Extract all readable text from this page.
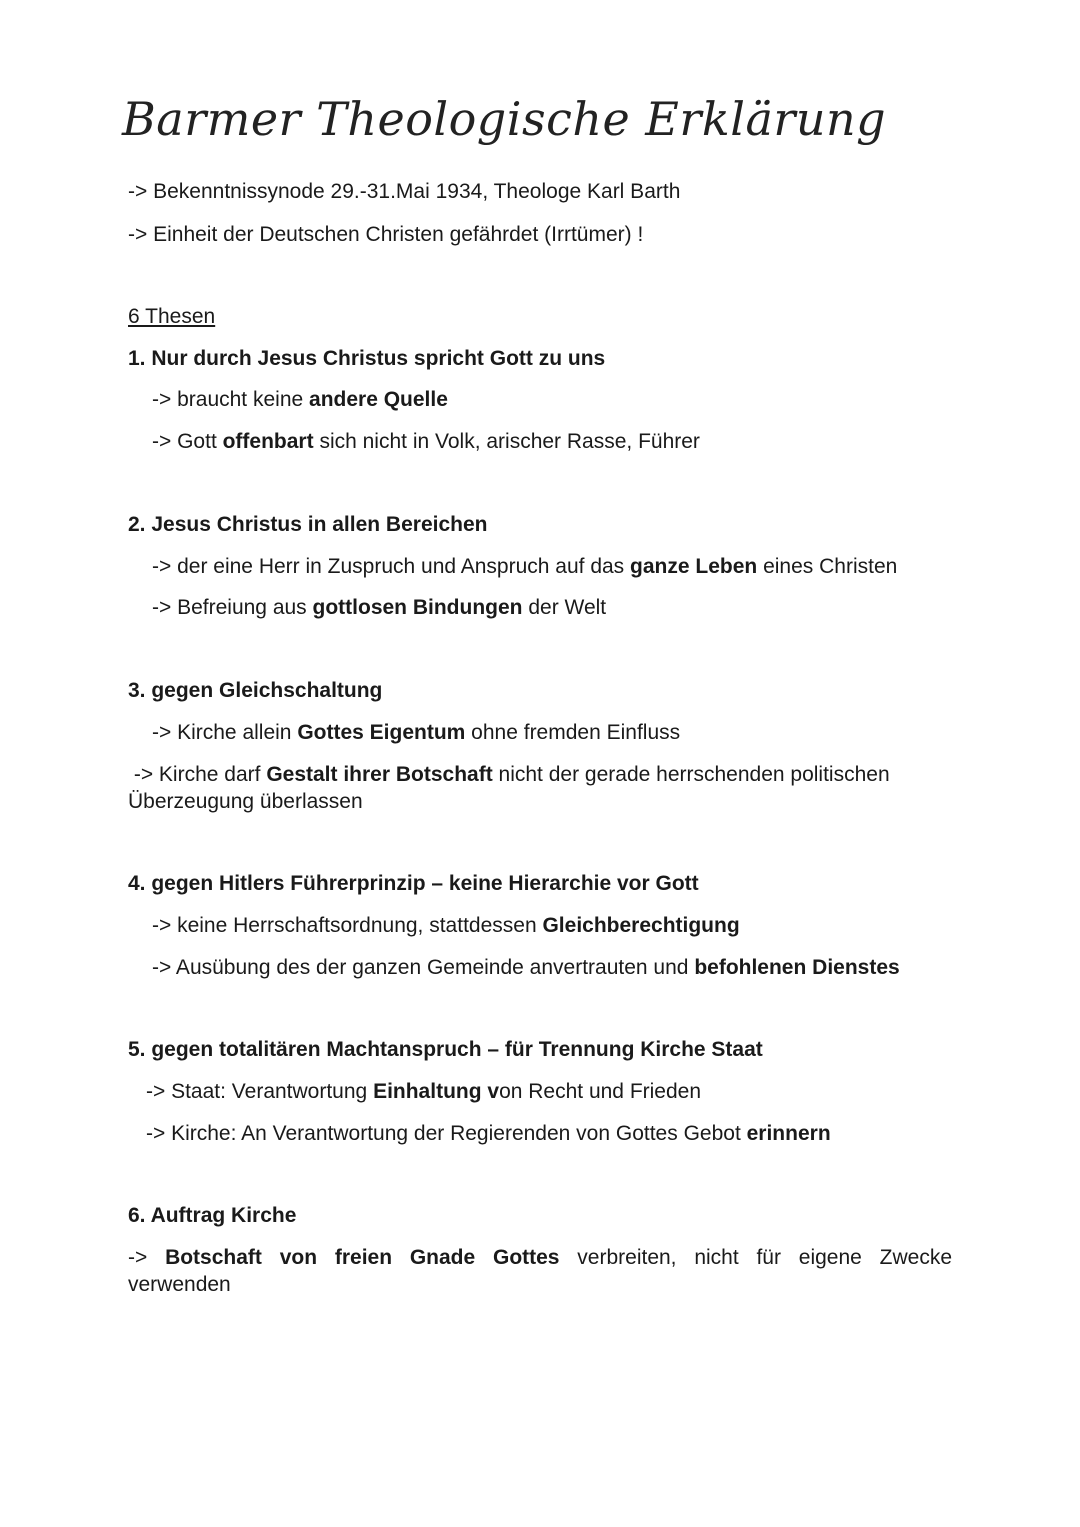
Barmer Theologische Erklärung
-> Bekenntnissynode 29.-31.Mai 1934, Theologe Karl Barth
-> Einheit der Deutschen Christen gefährdet (Irrtümer) !
6 Thesen
1. Nur durch Jesus Christus spricht Gott zu uns
-> braucht keine andere Quelle
-> Gott offenbart sich nicht in Volk, arischer Rasse, Führer
2. Jesus Christus in allen Bereichen
-> der eine Herr in Zuspruch und Anspruch auf das ganze Leben eines Christen
-> Befreiung aus gottlosen Bindungen der Welt
3. gegen Gleichschaltung
-> Kirche allein Gottes Eigentum ohne fremden Einfluss
-> Kirche darf Gestalt ihrer Botschaft nicht der gerade herrschenden politischen
Überzeugung überlassen
4. gegen Hitlers Führerprinzip – keine Hierarchie vor Gott
-> keine Herrschaftsordnung, stattdessen Gleichberechtigung
-> Ausübung des der ganzen Gemeinde anvertrauten und befohlenen Dienstes
5. gegen totalitären Machtanspruch – für Trennung Kirche Staat
-> Staat: Verantwortung Einhaltung von Recht und Frieden
-> Kirche: An Verantwortung der Regierenden von Gottes Gebot erinnern
6. Auftrag Kirche
-> Botschaft von freien Gnade Gottes verbreiten, nicht für eigene Zwecke
verwenden
